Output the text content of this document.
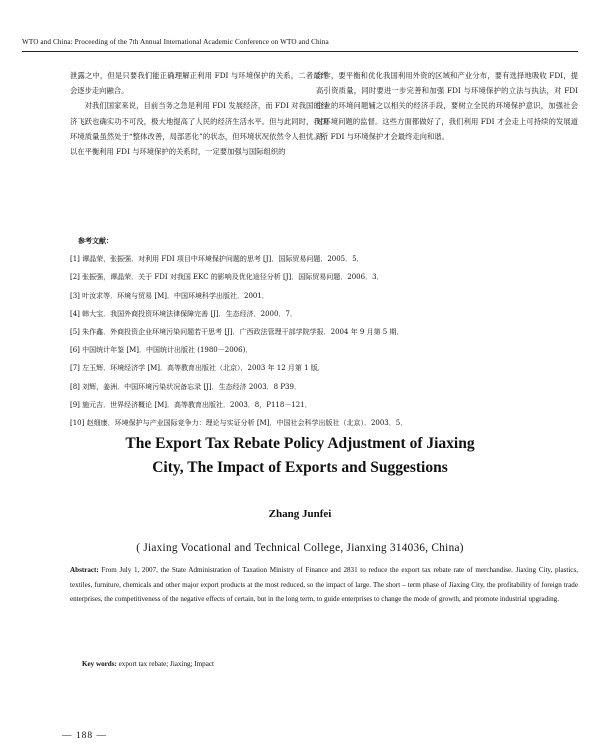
WTO and China: Proceeding of the 7th Annual International Academic Conference on WTO and China

泄露之中，但是只要我们能正确理解正利用 FDI 与环境保护的关系，二者最终会逐步走向融合。

对我们国家来说，目前当务之急是利用 FDI 发展经济，而 FDI 对我国的经济飞跃也确实功不可没，极大地提高了人民的经济生活水平。但与此同时，我国环境质量虽然处于“整体改善，局部恶化”的状态，但环境状况依然令人担忧。所以在平衡利用 FDI 与环境保护的关系时，一定要加强与国际组织的

合作，要平衡和优化我国利用外资的区域和产业分布，要有选择地吸收 FDI，提高引资质量，同时要进一步完善和加强 FDI 与环境保护的立法与执法，对 FDI 企业的环境问题辅之以相关的经济手段，要树立全民的环境保护意识，加强社会对环境问题的监督。这些方面都做好了，我们利用 FDI 才会走上可持续的发展道路，FDI 与环境保护才会最终走向和谐。

参考文献：
[1] 谭晶荣，张振强．对利用 FDI 项目中环境保护问题的思考 [J]．国际贸易问题．2005．5．
[2] 张振强，谭晶荣．关于 FDI 对我国 EKC 的影响及优化途径分析 [J]．国际贸易问题．2006．3．
[3] 叶汝求等．环境与贸易 [M]．中国环境科学出版社．2001．
[4] 韩大宝．我国外商投资环境法律保障完善 [J]．生态经济．2000．7．
[5] 朱作鑫．外商投资企业环境污染问题若干思考 [J]．广西政法管理干部学院学报．2004 年 9 月第 5 期．
[6] 中国统计年鉴 [M]．中国统计出版社 (1980－2006)．
[7] 左玉辉．环境经济学 [M]．高等教育出版社（北京）．2003 年 12 月第 1 版．
[8] 刘辉，姜洲．中国环境污染状况备忘录 [J]．生态经济 2003．8 P39．
[9] 施元吉．世界经济概论 [M]．高等教育出版社．2003．8，P118－121．
[10] 赵细康．环境保护与产业国际竞争力：理论与实证分析 [M]．中国社会科学出版社（北京）．2003．5．
The Export Tax Rebate Policy Adjustment of Jiaxing
City, The Impact of Exports and Suggestions
Zhang Junfei
( Jiaxing Vocational and Technical College, Jianxing 314036, China)
Abstract: From July 1, 2007, the State Administration of Taxation Ministry of Finance and 2831 to reduce the export tax rebate rate of merchandise. Jiaxing City, plastics, textiles, furniture, chemicals and other major export products at the most reduced, so the impact of large. The short – term phase of Jiaxing City, the profitability of foreign trade enterprises, the competitiveness of the negative effects of certain, but in the long term, to guide enterprises to change the mode of growth, and promote industrial upgrading.
Key words: export tax rebate; Jiaxing; Impact
— 188 —
